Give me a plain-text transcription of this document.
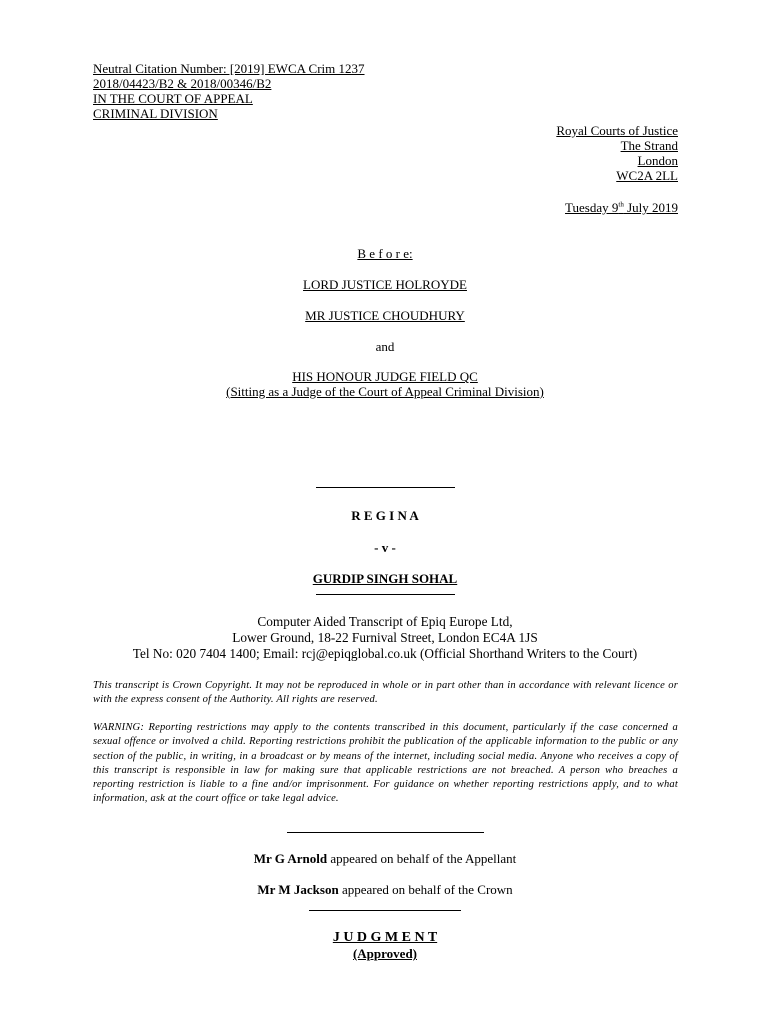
Neutral Citation Number: [2019] EWCA Crim 1237
2018/04423/B2 & 2018/00346/B2
IN THE COURT OF APPEAL
CRIMINAL DIVISION
Royal Courts of Justice
The Strand
London
WC2A 2LL
Tuesday 9th July 2019
B e f o r e:
LORD JUSTICE HOLROYDE
MR JUSTICE CHOUDHURY
and
HIS HONOUR JUDGE FIELD QC
(Sitting as a Judge of the Court of Appeal Criminal Division)
R E G I N A
- v -
GURDIP SINGH SOHAL
Computer Aided Transcript of Epiq Europe Ltd,
Lower Ground, 18-22 Furnival Street, London EC4A 1JS
Tel No: 020 7404 1400; Email: rcj@epiqglobal.co.uk (Official Shorthand Writers to the Court)
This transcript is Crown Copyright. It may not be reproduced in whole or in part other than in accordance with relevant licence or with the express consent of the Authority. All rights are reserved.
WARNING: Reporting restrictions may apply to the contents transcribed in this document, particularly if the case concerned a sexual offence or involved a child. Reporting restrictions prohibit the publication of the applicable information to the public or any section of the public, in writing, in a broadcast or by means of the internet, including social media. Anyone who receives a copy of this transcript is responsible in law for making sure that applicable restrictions are not breached. A person who breaches a reporting restriction is liable to a fine and/or imprisonment. For guidance on whether reporting restrictions apply, and to what information, ask at the court office or take legal advice.
Mr G Arnold appeared on behalf of the Appellant
Mr M Jackson appeared on behalf of the Crown
J U D G M E N T
(Approved)
